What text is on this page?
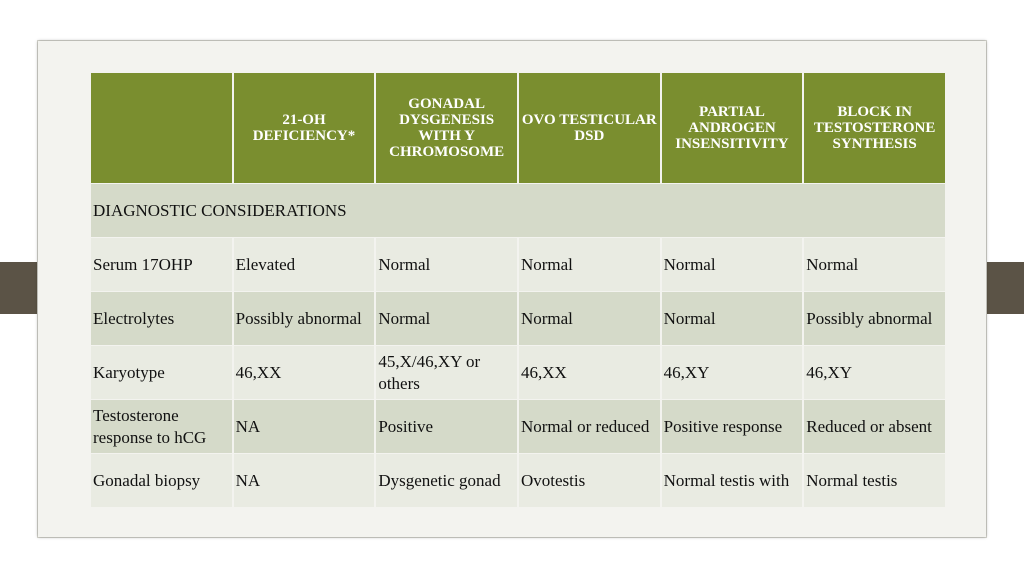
	21-OH DEFICIENCY*	GONADAL DYSGENESIS WITH Y CHROMOSOME	OVO TESTICULAR DSD	PARTIAL ANDROGEN INSENSITIVITY	BLOCK IN TESTOSTERONE SYNTHESIS
DIAGNOSTIC CONSIDERATIONS					
Serum 17OHP	Elevated	Normal	Normal	Normal	Normal
Electrolytes	Possibly abnormal	Normal	Normal	Normal	Possibly abnormal
Karyotype	46,XX	45,X/46,XY or others	46,XX	46,XY	46,XY
Testosterone response to hCG	NA	Positive	Normal or reduced	Positive response	Reduced or absent
Gonadal biopsy	NA	Dysgenetic gonad	Ovotestis	Normal testis with	Normal testis
